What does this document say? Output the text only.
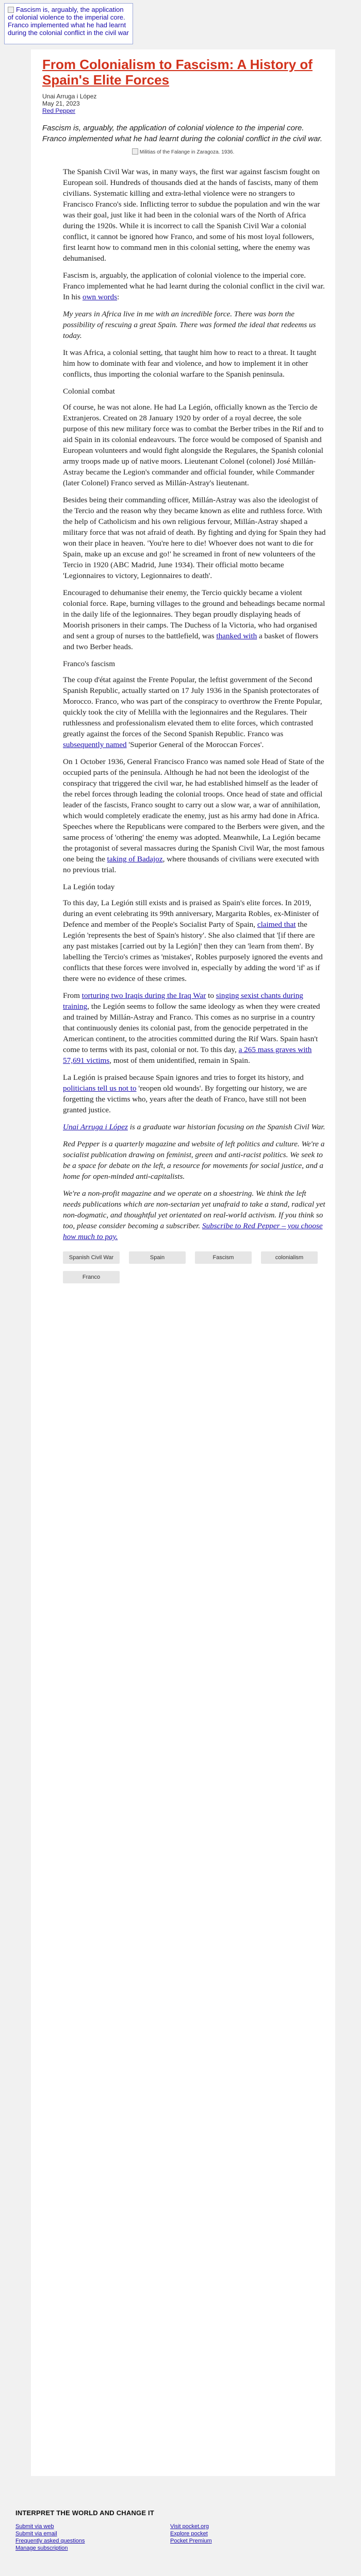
Fascism is, arguably, the application of colonial violence to the imperial core. Franco implemented what he had learnt during the colonial conflict in the civil war
From Colonialism to Fascism: A History of Spain's Elite Forces
Unai Arruga i López
May 21, 2023
Red Pepper
Fascism is, arguably, the application of colonial violence to the imperial core. Franco implemented what he had learnt during the colonial conflict in the civil war.
Militias of the Falange in Zaragoza. 1936.

The Spanish Civil War was, in many ways, the first war against fascism fought on European soil. Hundreds of thousands died at the hands of fascists, many of them civilians. Systematic killing and extra-lethal violence were no strangers to Francisco Franco's side. Inflicting terror to subdue the population and win the war was their goal, just like it had been in the colonial wars of the North of Africa during the 1920s. While it is incorrect to call the Spanish Civil War a colonial conflict, it cannot be ignored how Franco, and some of his most loyal followers, first learnt how to command men in this colonial setting, where the enemy was dehumanised.

Fascism is, arguably, the application of colonial violence to the imperial core. Franco implemented what he had learnt during the colonial conflict in the civil war. In his own words:

My years in Africa live in me with an incredible force. There was born the possibility of rescuing a great Spain. There was formed the ideal that redeems us today.

It was Africa, a colonial setting, that taught him how to react to a threat. It taught him how to dominate with fear and violence, and how to implement it in other conflicts, thus importing the colonial warfare to the Spanish peninsula.

Colonial combat

Of course, he was not alone. He had La Legión, officially known as the Tercio de Extranjeros. Created on 28 January 1920 by order of a royal decree, the sole purpose of this new military force was to combat the Berber tribes in the Rif and to aid Spain in its colonial endeavours. The force would be composed of Spanish and European volunteers and would fight alongside the Regulares, the Spanish colonial army troops made up of native moors. Lieutenant Colonel (colonel) José Millán-Astray became the Legion's commander and official founder, while Commander (later Colonel) Franco served as Millán-Astray's lieutenant.

Besides being their commanding officer, Millán-Astray was also the ideologist of the Tercio and the reason why they became known as elite and ruthless force. With the help of Catholicism and his own religious fervour, Millán-Astray shaped a military force that was not afraid of death. By fighting and dying for Spain they had won their place in heaven. 'You're here to die! Whoever does not want to die for Spain, make up an excuse and go!' he screamed in front of new volunteers of the Tercio in 1920 (ABC Madrid, June 1934). Their official motto became 'Legionnaires to victory, Legionnaires to death'.

Encouraged to dehumanise their enemy, the Tercio quickly became a violent colonial force. Rape, burning villages to the ground and beheadings became normal in the daily life of the legionnaires. They began proudly displaying heads of Moorish prisoners in their camps. The Duchess of la Victoria, who had organised and sent a group of nurses to the battlefield, was thanked with a basket of flowers and two Berber heads.

Franco's fascism

The coup d'état against the Frente Popular, the leftist government of the Second Spanish Republic, actually started on 17 July 1936 in the Spanish protectorates of Morocco. Franco, who was part of the conspiracy to overthrow the Frente Popular, quickly took the city of Melilla with the legionnaires and the Regulares. Their ruthlessness and professionalism elevated them to elite forces, which contrasted greatly against the forces of the Second Spanish Republic. Franco was subsequently named 'Superior General of the Moroccan Forces'.

On 1 October 1936, General Francisco Franco was named sole Head of State of the occupied parts of the peninsula. Although he had not been the ideologist of the conspiracy that triggered the civil war, he had established himself as the leader of the rebel forces through leading the colonial troops. Once head of state and official leader of the fascists, Franco sought to carry out a slow war, a war of annihilation, which would completely eradicate the enemy, just as his army had done in Africa. Speeches where the Republicans were compared to the Berbers were given, and the same process of 'othering' the enemy was adopted. Meanwhile, La Legión became the protagonist of several massacres during the Spanish Civil War, the most famous one being the taking of Badajoz, where thousands of civilians were executed with no previous trial.

La Legión today

To this day, La Legión still exists and is praised as Spain's elite forces. In 2019, during an event celebrating its 99th anniversary, Margarita Robles, ex-Minister of Defence and member of the People's Socialist Party of Spain, claimed that the Legión 'represents the best of Spain's history'. She also claimed that '[if there are any past mistakes [carried out by la Legión]' then they can 'learn from them'. By labelling the Tercio's crimes as 'mistakes', Robles purposely ignored the events and conflicts that these forces were involved in, especially by adding the word 'if' as if there were no evidence of these crimes.

From torturing two Iraqis during the Iraq War to singing sexist chants during training, the Legión seems to follow the same ideology as when they were created and trained by Millán-Astray and Franco. This comes as no surprise in a country that continuously denies its colonial past, from the genocide perpetrated in the American continent, to the atrocities committed during the Rif Wars. Spain hasn't come to terms with its past, colonial or not. To this day, a 265 mass graves with 57,691 victims, most of them unidentified, remain in Spain.

La Legión is praised because Spain ignores and tries to forget its history, and politicians tell us not to 'reopen old wounds'. By forgetting our history, we are forgetting the victims who, years after the death of Franco, have still not been granted justice.

Unai Arruga i López is a graduate war historian focusing on the Spanish Civil War.

Red Pepper is a quarterly magazine and website of left politics and culture. We're a socialist publication drawing on feminist, green and anti-racist politics. We seek to be a space for debate on the left, a resource for movements for social justice, and a home for open-minded anti-capitalists.

We're a non-profit magazine and we operate on a shoestring. We think the left needs publications which are non-sectarian yet unafraid to take a stand, radical yet non-dogmatic, and thoughtful yet orientated on real-world activism. If you think so too, please consider becoming a subscriber. Subscribe to Red Pepper – you choose how much to pay.

Spanish Civil War	Spain	Fascism	colonialism
Franco
INTERPRET THE WORLD AND CHANGE IT
Submit via web
Submit via email
Frequently asked questions
Manage subscription
Visit pocket.org
Explore pocket
Pocket Premium
